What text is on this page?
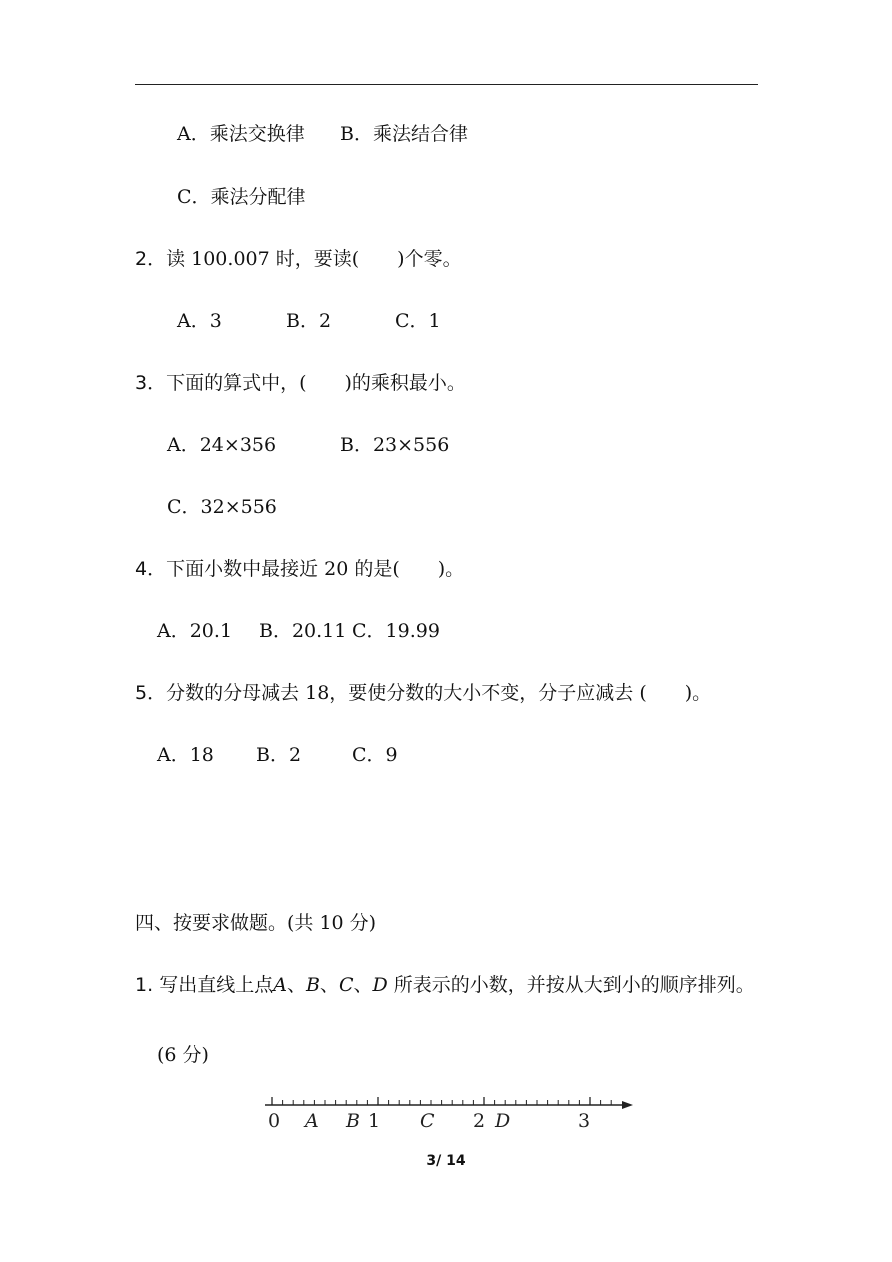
A．乘法交换律 B．乘法结合律
C．乘法分配律
2．读 100.007 时，要读(　　)个零。
A．3	B．2	C．1
3．下面的算式中，(　　)的乘积最小。
A．24×356	B．23×556
C．32×556
4．下面小数中最接近 20 的是(　　)。
A．20.1 B．20.11 C．19.99
5．分数的分母减去 18，要使分数的大小不变，分子应减去 (　　)。
A．18 B．2	C．9
四、按要求做题。(共 10 分)
1. 写出直线上点A、B、C、D 所表示的小数，并按从大到小的顺序排列。
(6 分)
0 A B 1 C 2 D	3
3/ 14
